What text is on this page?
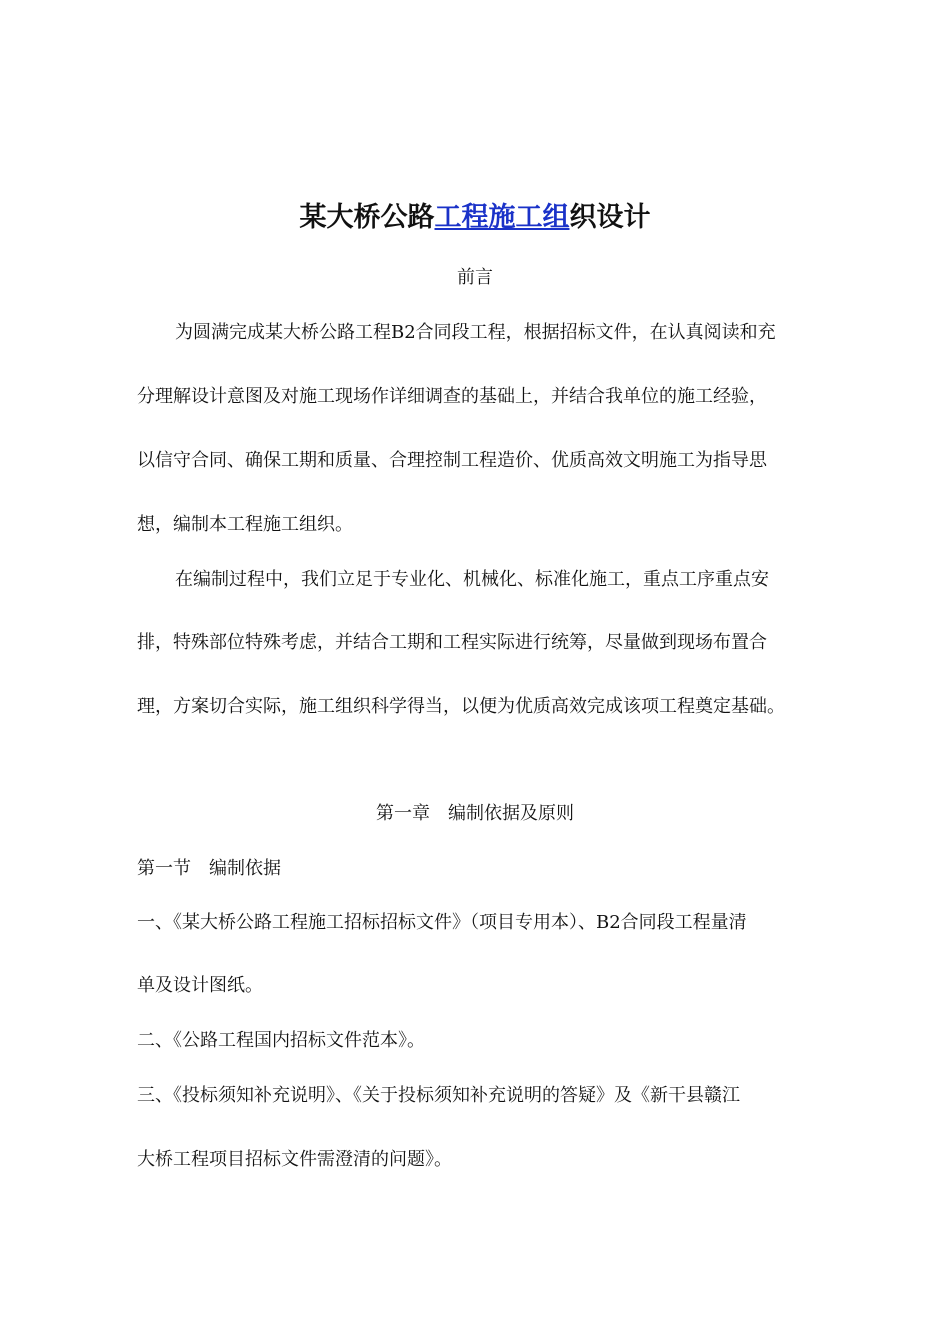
某大桥公路工程施工组织设计
前言
为圆满完成某大桥公路工程B2合同段工程，根据招标文件，在认真阅读和充
分理解设计意图及对施工现场作详细调查的基础上，并结合我单位的施工经验，
以信守合同、确保工期和质量、合理控制工程造价、优质高效文明施工为指导思
想，编制本工程施工组织。
在编制过程中，我们立足于专业化、机械化、标准化施工，重点工序重点安
排，特殊部位特殊考虑，并结合工期和工程实际进行统筹，尽量做到现场布置合
理，方案切合实际，施工组织科学得当，以便为优质高效完成该项工程奠定基础。
第一章　编制依据及原则
第一节　编制依据
一、《某大桥公路工程施工招标招标文件》（项目专用本）、B2合同段工程量清
单及设计图纸。
二、《公路工程国内招标文件范本》。
三、《投标须知补充说明》、《关于投标须知补充说明的答疑》及《新干县赣江
大桥工程项目招标文件需澄清的问题》。
